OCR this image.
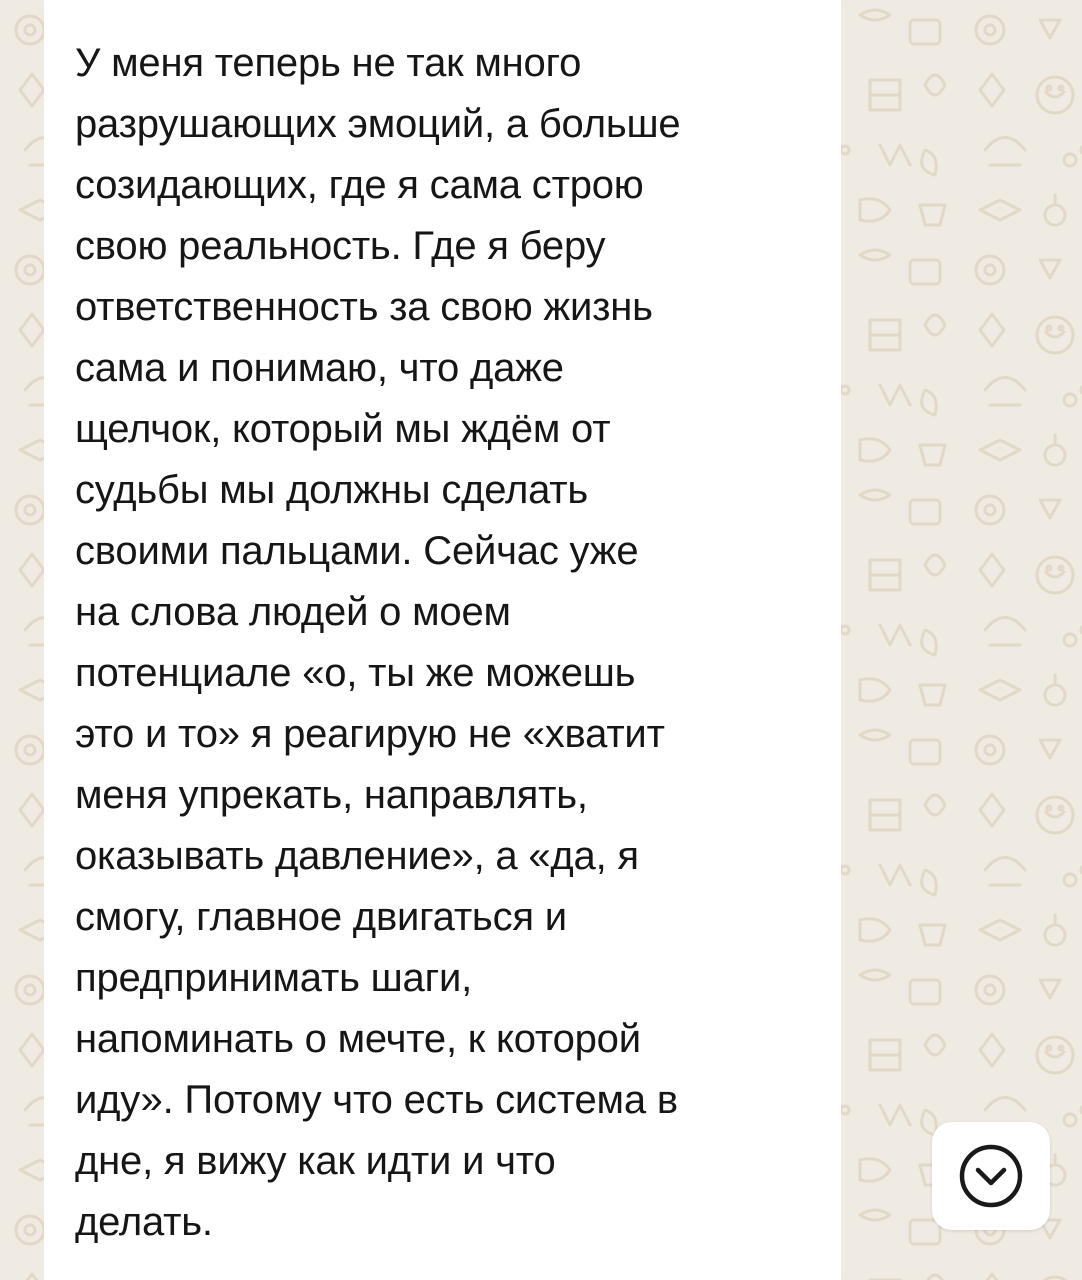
У меня теперь не так много
разрушающих эмоций, а больше
созидающих, где я сама строю
свою реальность. Где я беру
ответственность за свою жизнь
сама и понимаю, что даже
щелчок, который мы ждём от
судьбы мы должны сделать
своими пальцами. Сейчас уже
на слова людей о моем
потенциале «о, ты же можешь
это и то» я реагирую не «хватит
меня упрекать, направлять,
оказывать давление», а «да, я
смогу, главное двигаться и
предпринимать шаги,
напоминать о мечте, к которой
иду». Потому что есть система в
дне, я вижу как идти и что
делать.
